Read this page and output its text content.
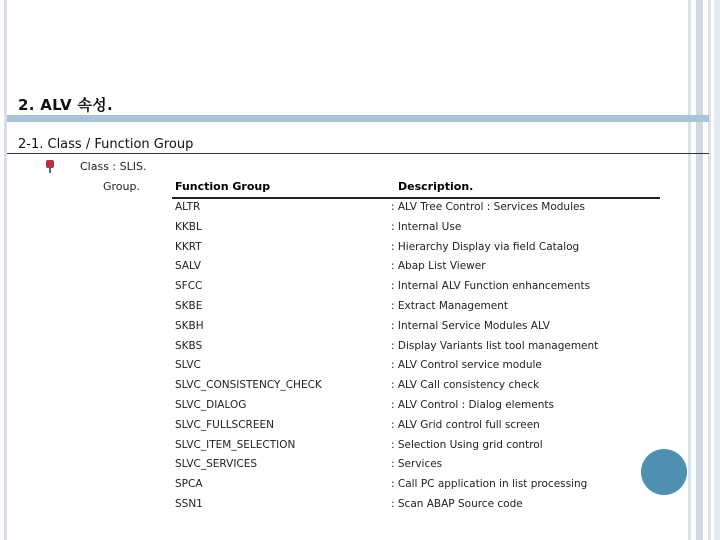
2. ALV 속성.
2-1. Class / Function Group
Class : SLIS.
Group.	Function Group	Description.
ALTR	: ALV Tree Control : Services Modules
KKBL	: Internal Use
KKRT	: Hierarchy Display via field Catalog
SALV	: Abap List Viewer
SFCC	: Internal ALV Function enhancements
SKBE	: Extract Management
SKBH	: Internal Service Modules ALV
SKBS	: Display Variants list tool management
SLVC	: ALV Control service module
SLVC_CONSISTENCY_CHECK	: ALV Call consistency check
SLVC_DIALOG	: ALV Control : Dialog elements
SLVC_FULLSCREEN	: ALV Grid control full screen
SLVC_ITEM_SELECTION	: Selection Using grid control
SLVC_SERVICES	: Services
SPCA	: Call PC application in list processing
SSN1	: Scan ABAP Source code
